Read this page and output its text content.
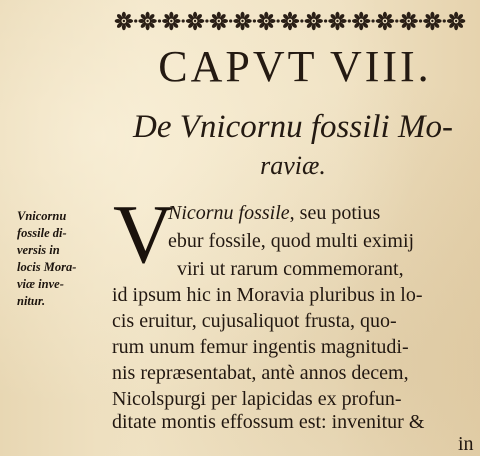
CAPVT VIII.
De Vnicornu fossili Mo-
raviæ.
Vnicornu
fossile di-
versis in
locis Mora-
viæ inve-
nitur.
V
Nicornu fossile, seu potius
ebur fossile, quod multi eximij
viri ut rarum commemorant,
id ipsum hic in Moravia pluribus in lo-
cis eruitur, cujusaliquot frusta, quo-
rum unum femur ingentis magnitudi-
nis repræsentabat, antè annos decem,
Nicolspurgi per lapicidas ex profun-
ditate montis effossum est: invenitur &
in
